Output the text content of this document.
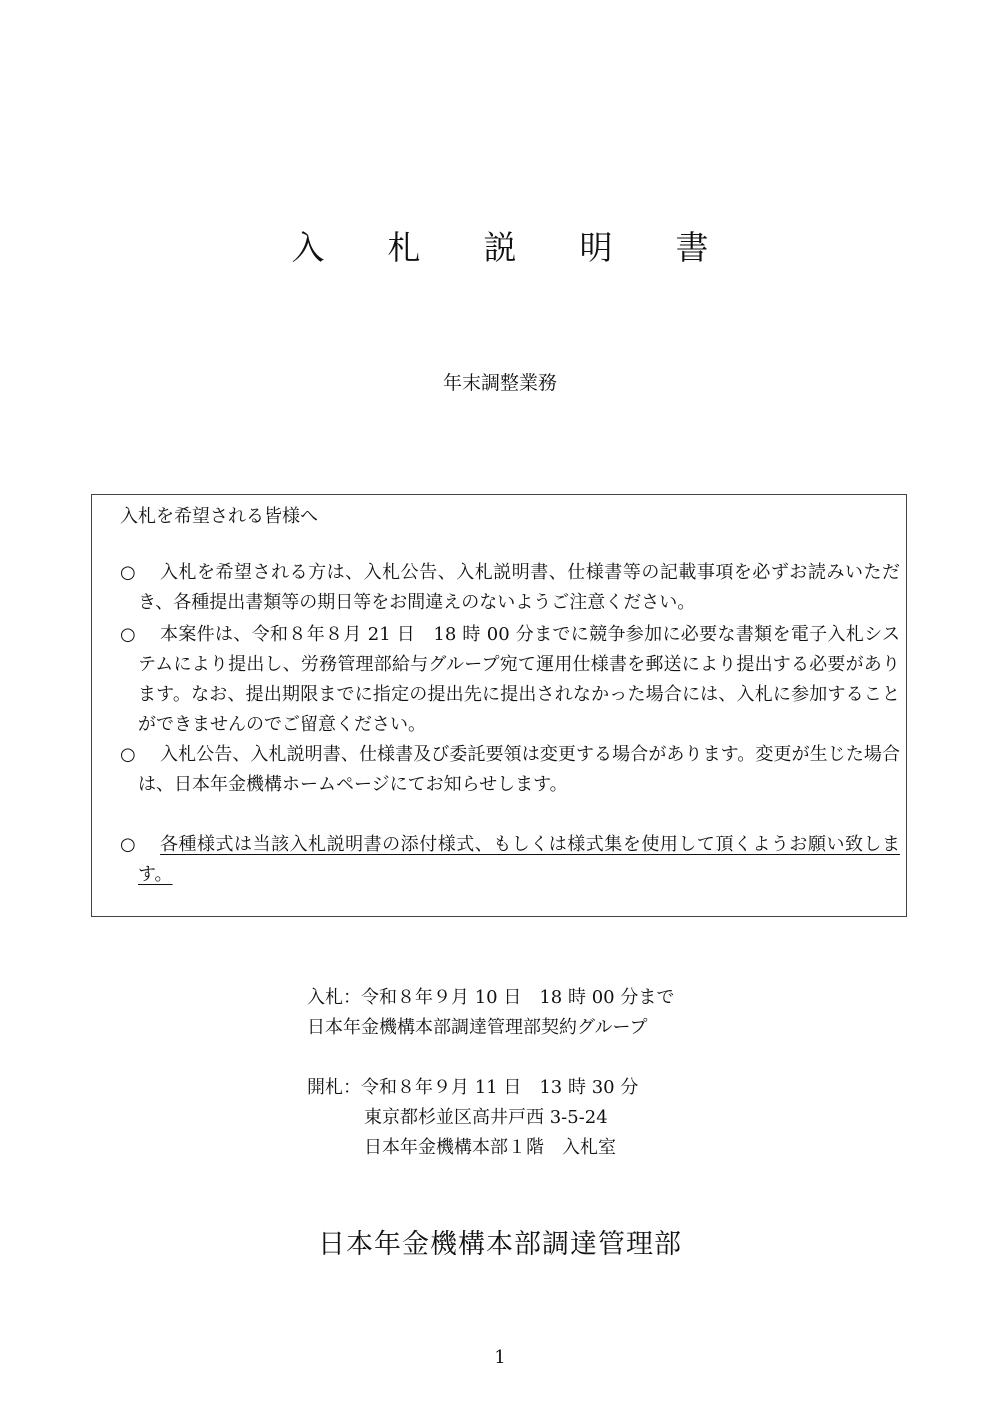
入 札 説 明 書
年末調整業務
入札を希望される皆様へ
○	入札を希望される方は、入札公告、入札説明書、仕様書等の記載事項を必ずお読みいただき、各種提出書類等の期日等をお間違えのないようご注意ください。
○	本案件は、令和８年８月 21 日　18 時 00 分までに競争参加に必要な書類を電子入札システムにより提出し、労務管理部給与グループ宛て運用仕様書を郵送により提出する必要があります。なお、提出期限までに指定の提出先に提出されなかった場合には、入札に参加することができませんのでご留意ください。
○	入札公告、入札説明書、仕様書及び委託要領は変更する場合があります。変更が生じた場合は、日本年金機構ホームページにてお知らせします。
○	各種様式は当該入札説明書の添付様式、もしくは様式集を使用して頂くようお願い致します。
入札：令和８年９月 10 日　18 時 00 分まで
日本年金機構本部調達管理部契約グループ
開札：令和８年９月 11 日　13 時 30 分
東京都杉並区高井戸西 3-5-24
日本年金機構本部１階　入札室
日本年金機構本部調達管理部
1
